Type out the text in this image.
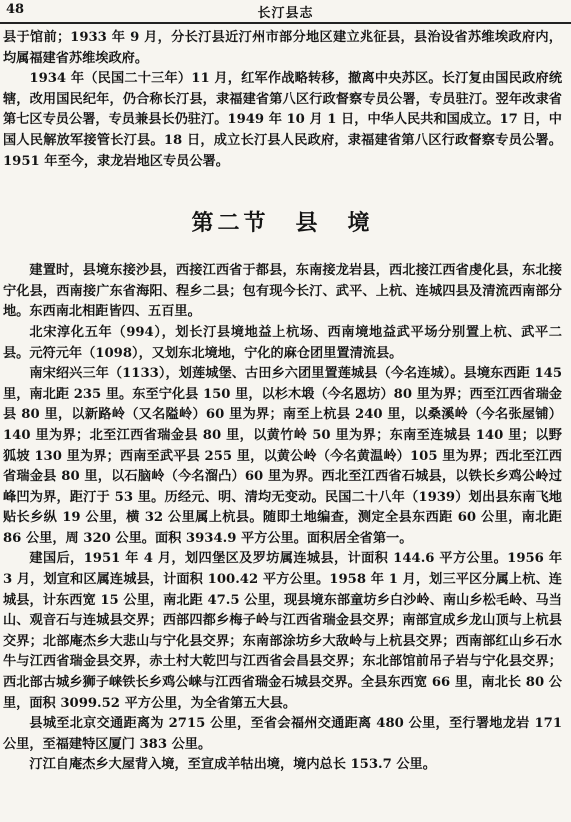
48	长汀县志

县于馆前；1933 年 9 月，分长汀县近汀州市部分地区建立兆征县，县治设省苏维埃政府内，均属福建省苏维埃政府。

1934 年（民国二十三年）11 月，红军作战略转移，撤离中央苏区。长汀复由国民政府统辖，改用国民纪年，仍合称长汀县，隶福建省第八区行政督察专员公署，专员驻汀。翌年改隶省第七区专员公署，专员兼县长仍驻汀。1949 年 10 月 1 日，中华人民共和国成立。17 日，中国人民解放军接管长汀县。18 日，成立长汀县人民政府，隶福建省第八区行政督察专员公署。1951 年至今，隶龙岩地区专员公署。

第二节　县　境

建置时，县境东接沙县，西接江西省于都县，东南接龙岩县，西北接江西省虔化县，东北接宁化县，西南接广东省海阳、程乡二县；包有现今长汀、武平、上杭、连城四县及清流西南部分地。东西南北相距皆四、五百里。

北宋淳化五年（994），划长汀县境地益上杭场、西南境地益武平场分别置上杭、武平二县。元符元年（1098），又划东北境地，宁化的麻仓团里置清流县。

南宋绍兴三年（1133），划莲城堡、古田乡六团里置莲城县（今名连城）。县境东西距 145 里，南北距 235 里。东至宁化县 150 里，以杉木塅（今名恩坊）80 里为界；西至江西省瑞金县 80 里，以新路岭（又名隘岭）60 里为界；南至上杭县 240 里，以桑溪岭（今名张屋铺）140 里为界；北至江西省瑞金县 80 里，以黄竹岭 50 里为界；东南至连城县 140 里；以野狐坡 130 里为界；西南至武平县 255 里，以黄公岭（今名黄温岭）105 里为界；西北至江西省瑞金县 80 里，以石脑岭（今名溜凸）60 里为界。西北至江西省石城县，以铁长乡鸡公岭过峰凹为界，距汀于 53 里。历经元、明、清均无变动。民国二十八年（1939）划出县东南飞地贴长乡纵 19 公里，横 32 公里属上杭县。随即土地编查，测定全县东西距 60 公里，南北距 86 公里，周 320 公里。面积 3934.9 平方公里。面积居全省第一。

建国后，1951 年 4 月，划四堡区及罗坊属连城县，计面积 144.6 平方公里。1956 年 3 月，划宣和区属连城县，计面积 100.42 平方公里。1958 年 1 月，划三平区分属上杭、连城县，计东西宽 15 公里，南北距 47.5 公里，现县境东部童坊乡白沙岭、南山乡松毛岭、马当山、观音石与连城县交界；西部四都乡梅子岭与江西省瑞金县交界；南部宣成乡龙山顶与上杭县交界；北部庵杰乡大悲山与宁化县交界；东南部涂坊乡大敌岭与上杭县交界；西南部红山乡石水牛与江西省瑞金县交界，赤土村大乾凹与江西省会昌县交界；东北部馆前吊子岩与宁化县交界；西北部古城乡狮子崃铁长乡鸡公崃与江西省瑞金石城县交界。全县东西宽 66 里，南北长 80 公里，面积 3099.52 平方公里，为全省第五大县。

县城至北京交通距离为 2715 公里，至省会福州交通距离 480 公里，至行署地龙岩 171 公里，至福建特区厦门 383 公里。

汀江自庵杰乡大屋背入境，至宣成羊牯出境，境内总长 153.7 公里。
